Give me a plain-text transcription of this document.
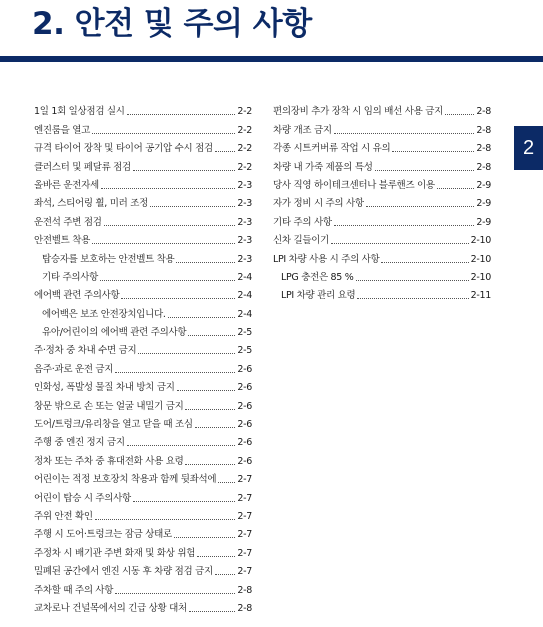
2. 안전 및 주의 사항
1일 1회 일상점검 실시	2-2
엔진룸을 열고	2-2
규격 타이어 장착 및 타이어 공기압 수시 점검	2-2
클러스터 및 페달류 점검	2-2
올바른 운전자세	2-3
좌석, 스티어링 휠, 미러 조정	2-3
운전석 주변 점검	2-3
안전벨트 착용	2-3
탑승자를 보호하는 안전벨트 착용	2-3
기타 주의사항	2-4
에어백 관련 주의사항	2-4
에어백은 보조 안전장치입니다.	2-4
유아/어린이의 에어백 관련 주의사항	2-5
주·정차 중 차내 수면 금지	2-5
음주·과로 운전 금지	2-6
인화성, 폭발성 물질 차내 방치 금지	2-6
창문 밖으로 손 또는 얼굴 내밀기 금지	2-6
도어/트렁크/유리창을 열고 닫을 때 조심	2-6
주행 중 엔진 정지 금지	2-6
정차 또는 주차 중 휴대전화 사용 요령	2-6
어린이는 적정 보호장치 착용과 함께 뒷좌석에 2-7
어린이 탑승 시 주의사항	2-7
주위 안전 확인	2-7
주행 시 도어·트렁크는 잠금 상태로	2-7
주정차 시 배기관 주변 화재 및 화상 위험	2-7
밀폐된 공간에서 엔진 시동 후 차량 점검 금지	2-7
주차할 때 주의 사항	2-8
교차로나 건널목에서의 긴급 상황 대처	2-8
편의장비 추가 장착 시 임의 배선 사용 금지	2-8
차량 개조 금지	2-8
각종 시트커버류 작업 시 유의	2-8
차량 내 가죽 제품의 특성	2-8
당사 직영 하이테크센터나 블루핸즈 이용	2-9
자가 정비 시 주의 사항	2-9
기타 주의 사항	2-9
신차 길들이기	2-10
LPI 차량 사용 시 주의 사항	2-10
LPG 충전은 85 %	2-10
LPI 차량 관리 요령	2-11
2
